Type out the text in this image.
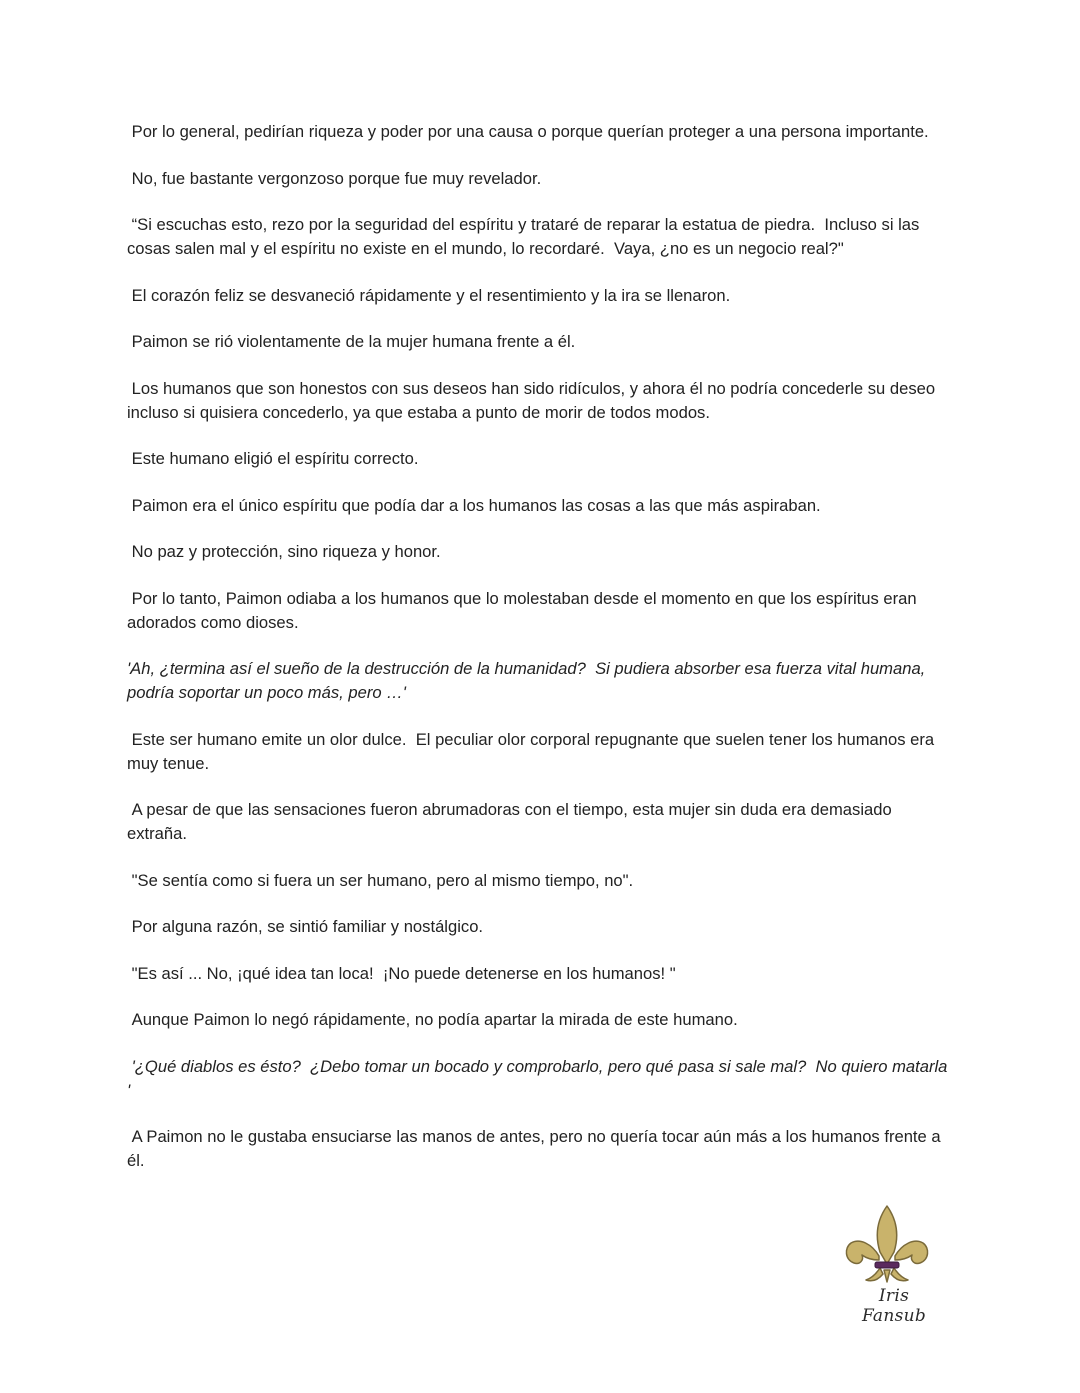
Por lo general, pedirían riqueza y poder por una causa o porque querían proteger a una persona importante.

No, fue bastante vergonzoso porque fue muy revelador.

“Si escuchas esto, rezo por la seguridad del espíritu y trataré de reparar la estatua de piedra.  Incluso si las cosas salen mal y el espíritu no existe en el mundo, lo recordaré.  Vaya, ¿no es un negocio real?"

El corazón feliz se desvaneció rápidamente y el resentimiento y la ira se llenaron.

Paimon se rió violentamente de la mujer humana frente a él.

Los humanos que son honestos con sus deseos han sido ridículos, y ahora él no podría concederle su deseo incluso si quisiera concederlo, ya que estaba a punto de morir de todos modos.

Este humano eligió el espíritu correcto.

Paimon era el único espíritu que podía dar a los humanos las cosas a las que más aspiraban.

No paz y protección, sino riqueza y honor.

Por lo tanto, Paimon odiaba a los humanos que lo molestaban desde el momento en que los espíritus eran adorados como dioses.

'Ah, ¿termina así el sueño de la destrucción de la humanidad?  Si pudiera absorber esa fuerza vital humana, podría soportar un poco más, pero …'

Este ser humano emite un olor dulce.  El peculiar olor corporal repugnante que suelen tener los humanos era muy tenue.

A pesar de que las sensaciones fueron abrumadoras con el tiempo, esta mujer sin duda era demasiado extraña.

"Se sentía como si fuera un ser humano, pero al mismo tiempo, no".

Por alguna razón, se sintió familiar y nostálgico.

"Es así ... No, ¡qué idea tan loca!  ¡No puede detenerse en los humanos! "

Aunque Paimon lo negó rápidamente, no podía apartar la mirada de este humano.

'¿Qué diablos es ésto?  ¿Debo tomar un bocado y comprobarlo, pero qué pasa si sale mal?  No quiero matarla '

A Paimon no le gustaba ensuciarse las manos de antes, pero no quería tocar aún más a los humanos frente a él.

Iris Fansub
